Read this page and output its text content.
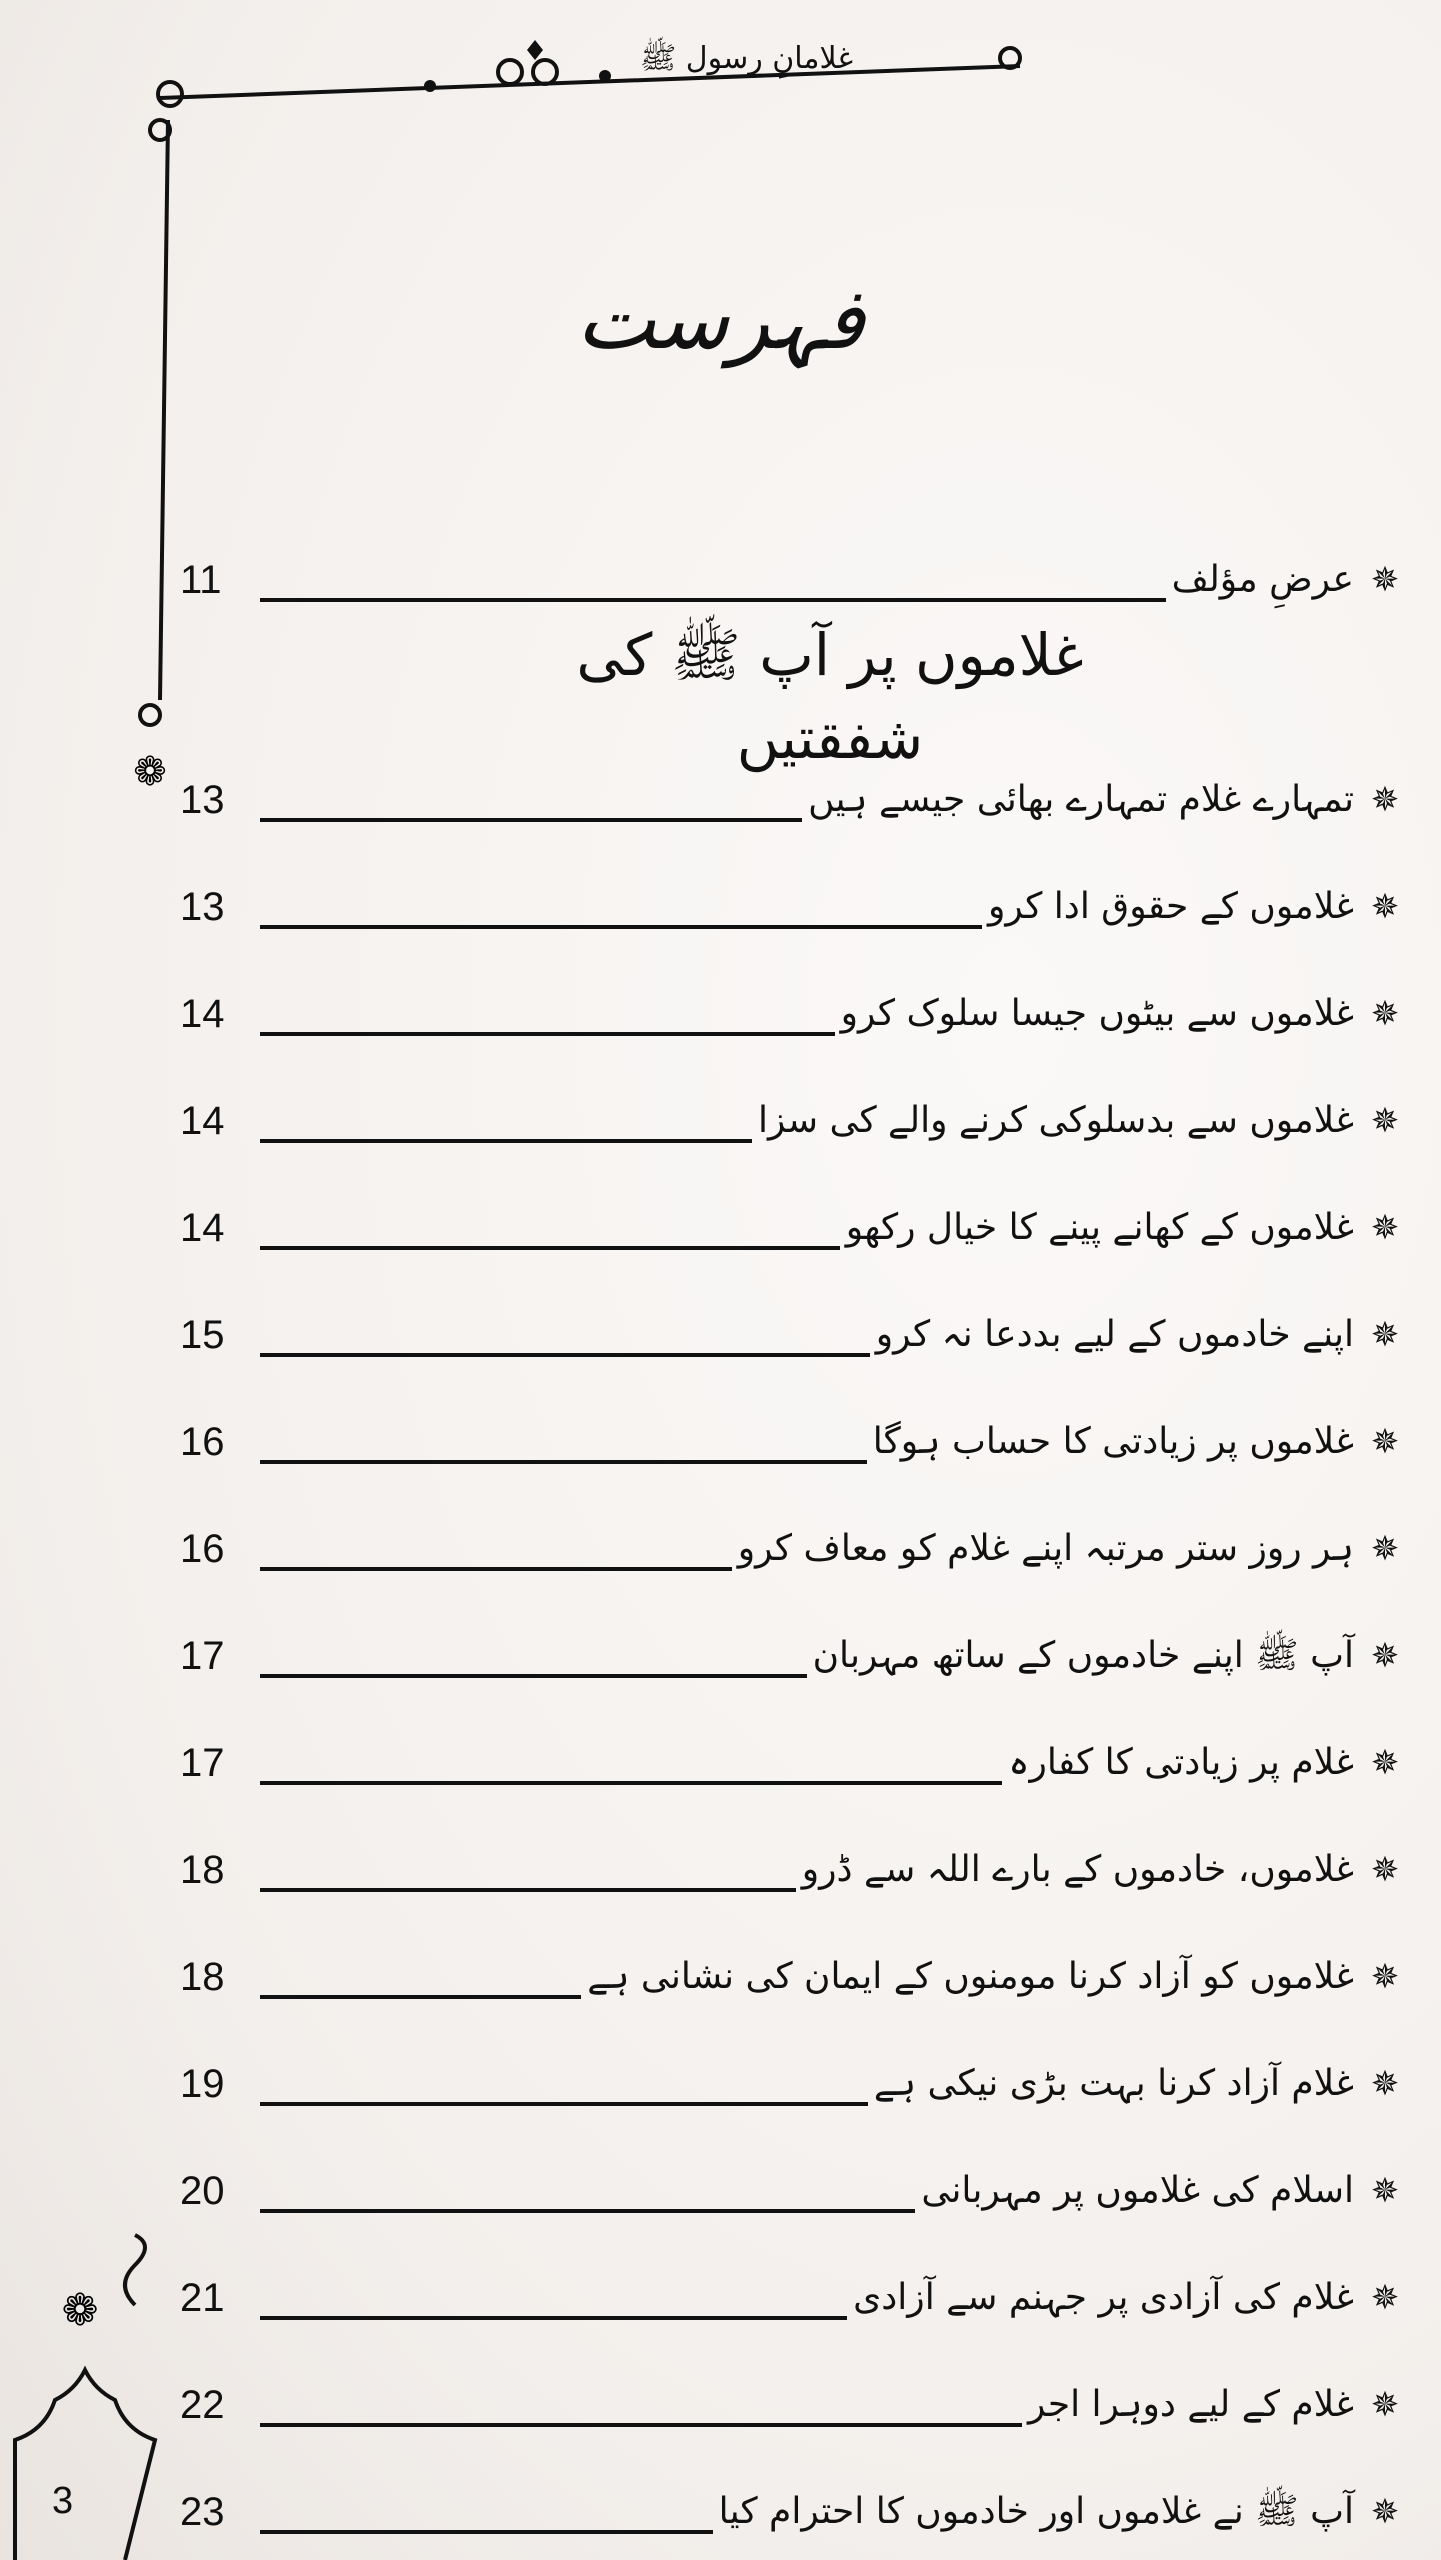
❁
❁
غلامانِ رسول ﷺ
فہرست
✵
عرضِ مؤلف
11
غلاموں پر آپ ﷺ کی شفقتیں
✵
تمہارے غلام تمہارے بھائی جیسے ہیں
13
✵
غلاموں کے حقوق ادا کرو
13
✵
غلاموں سے بیٹوں جیسا سلوک کرو
14
✵
غلاموں سے بدسلوکی کرنے والے کی سزا
14
✵
غلاموں کے کھانے پینے کا خیال رکھو
14
✵
اپنے خادموں کے لیے بددعا نہ کرو
15
✵
غلاموں پر زیادتی کا حساب ہوگا
16
✵
ہر روز ستر مرتبہ اپنے غلام کو معاف کرو
16
✵
آپ ﷺ اپنے خادموں کے ساتھ مہربان
17
✵
غلام پر زیادتی کا کفارہ
17
✵
غلاموں، خادموں کے بارے اللہ سے ڈرو
18
✵
غلاموں کو آزاد کرنا مومنوں کے ایمان کی نشانی ہے
18
✵
غلام آزاد کرنا بہت بڑی نیکی ہے
19
✵
اسلام کی غلاموں پر مہربانی
20
✵
غلام کی آزادی پر جہنم سے آزادی
21
✵
غلام کے لیے دوہرا اجر
22
✵
آپ ﷺ نے غلاموں اور خادموں کا احترام کیا
23
3
